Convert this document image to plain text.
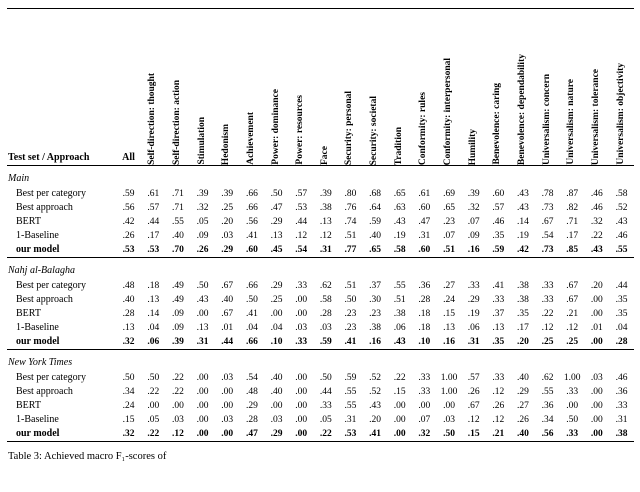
Test set / Approach	All	Self-direction: thought	Self-direction: action	Stimulation	Hedonism	Achievement	Power: dominance	Power: resources	Face	Security: personal	Security: societal	Tradition	Conformity: rules	Conformity: interpersonal	Humility	Benevolence: caring	Benevolence: dependability	Universalism: concern	Universalism: nature	Universalism: tolerance	Universalism: objectivity

Main																					
Best per category	.59	.61	.71	.39	.39	.66	.50	.57	.39	.80	.68	.65	.61	.69	.39	.60	.43	.78	.87	.46	.58
Best approach	.56	.57	.71	.32	.25	.66	.47	.53	.38	.76	.64	.63	.60	.65	.32	.57	.43	.73	.82	.46	.52
BERT	.42	.44	.55	.05	.20	.56	.29	.44	.13	.74	.59	.43	.47	.23	.07	.46	.14	.67	.71	.32	.43
1-Baseline	.26	.17	.40	.09	.03	.41	.13	.12	.12	.51	.40	.19	.31	.07	.09	.35	.19	.54	.17	.22	.46
our model	.53	.53	.70	.26	.29	.60	.45	.54	.31	.77	.65	.58	.60	.51	.16	.59	.42	.73	.85	.43	.55
Nahj al-Balagha																					
Best per category	.48	.18	.49	.50	.67	.66	.29	.33	.62	.51	.37	.55	.36	.27	.33	.41	.38	.33	.67	.20	.44
Best approach	.40	.13	.49	.43	.40	.50	.25	.00	.58	.50	.30	.51	.28	.24	.29	.33	.38	.33	.67	.00	.35
BERT	.28	.14	.09	.00	.67	.41	.00	.00	.28	.23	.23	.38	.18	.15	.19	.37	.35	.22	.21	.00	.35
1-Baseline	.13	.04	.09	.13	.01	.04	.04	.03	.03	.23	.38	.06	.18	.13	.06	.13	.17	.12	.12	.01	.04
our model	.32	.06	.39	.31	.44	.66	.10	.33	.59	.41	.16	.43	.10	.16	.31	.35	.20	.25	.25	.00	.28
New York Times																					
Best per category	.50	.50	.22	.00	.03	.54	.40	.00	.50	.59	.52	.22	.33	1.00	.57	.33	.40	.62	1.00	.03	.46
Best approach	.34	.22	.22	.00	.00	.48	.40	.00	.44	.55	.52	.15	.33	1.00	.26	.12	.29	.55	.33	.00	.36
BERT	.24	.00	.00	.00	.00	.29	.00	.00	.33	.55	.43	.00	.00	.00	.67	.26	.27	.36	.00	.00	.33
1-Baseline	.15	.05	.03	.00	.03	.28	.03	.00	.05	.31	.20	.00	.07	.03	.12	.12	.26	.34	.50	.00	.31
our model	.32	.22	.12	.00	.00	.47	.29	.00	.22	.53	.41	.00	.32	.50	.15	.21	.40	.56	.33	.00	.38
Table 3: Achieved macro F₁-scores of
